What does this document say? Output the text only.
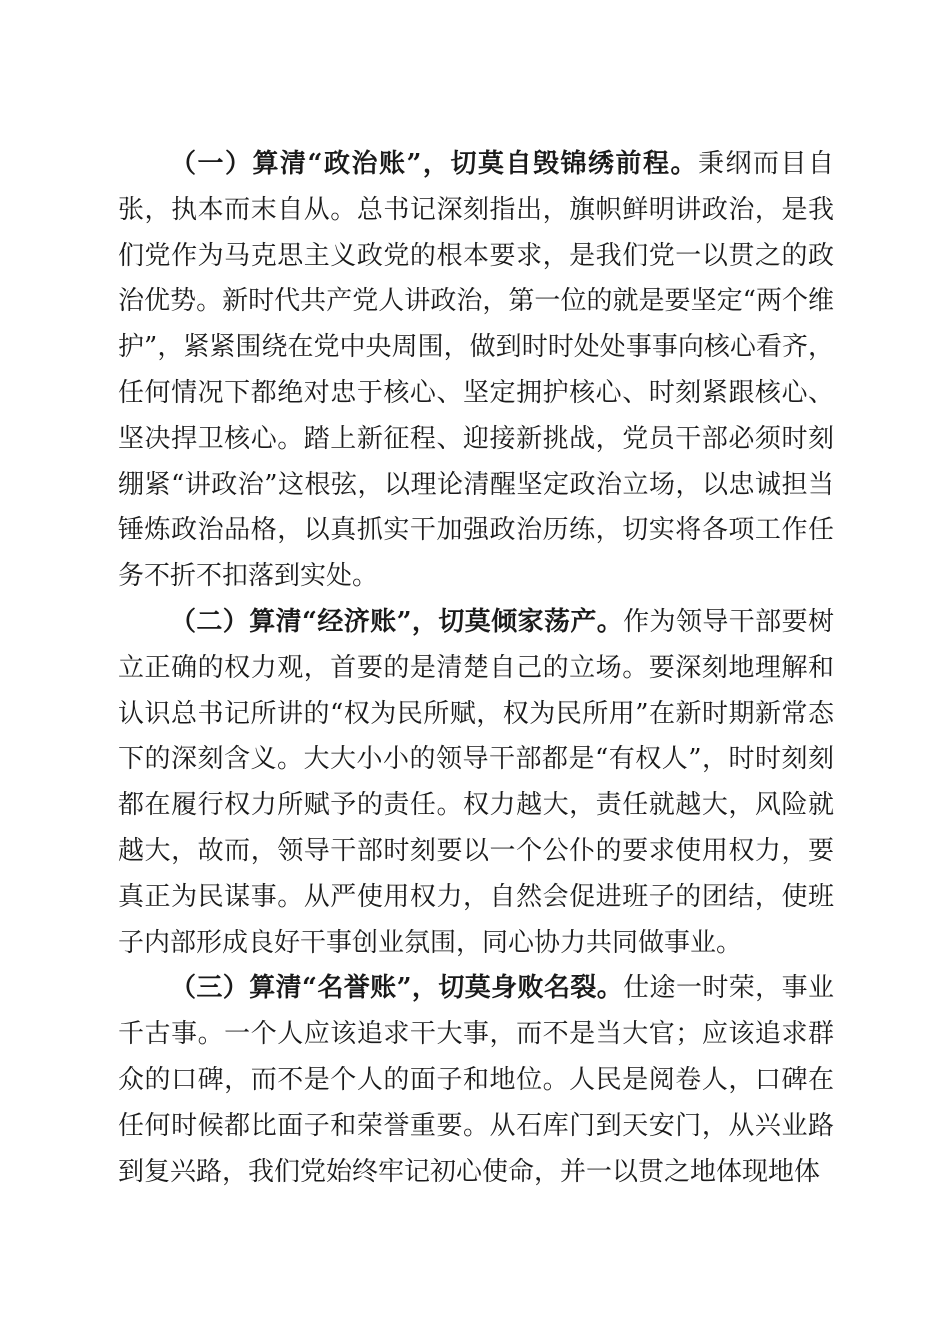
（一）算清“政治账”，切莫自毁锦绣前程。秉纲而目自张，执本而末自从。总书记深刻指出，旗帜鲜明讲政治，是我们党作为马克思主义政党的根本要求，是我们党一以贯之的政治优势。新时代共产党人讲政治，第一位的就是要坚定“两个维护”，紧紧围绕在党中央周围，做到时时处处事事向核心看齐，任何情况下都绝对忠于核心、坚定拥护核心、时刻紧跟核心、坚决捍卫核心。踏上新征程、迎接新挑战，党员干部必须时刻绷紧“讲政治”这根弦，以理论清醒坚定政治立场，以忠诚担当锤炼政治品格，以真抓实干加强政治历练，切实将各项工作任务不折不扣落到实处。

（二）算清“经济账”，切莫倾家荡产。作为领导干部要树立正确的权力观，首要的是清楚自己的立场。要深刻地理解和认识总书记所讲的“权为民所赋，权为民所用”在新时期新常态下的深刻含义。大大小小的领导干部都是“有权人”，时时刻刻都在履行权力所赋予的责任。权力越大，责任就越大，风险就越大，故而，领导干部时刻要以一个公仆的要求使用权力，要真正为民谋事。从严使用权力，自然会促进班子的团结，使班子内部形成良好干事创业氛围，同心协力共同做事业。

（三）算清“名誉账”，切莫身败名裂。仕途一时荣，事业千古事。一个人应该追求干大事，而不是当大官；应该追求群众的口碑，而不是个人的面子和地位。人民是阅卷人，口碑在任何时候都比面子和荣誉重要。从石库门到天安门，从兴业路到复兴路，我们党始终牢记初心使命，并一以贯之地体现地体
